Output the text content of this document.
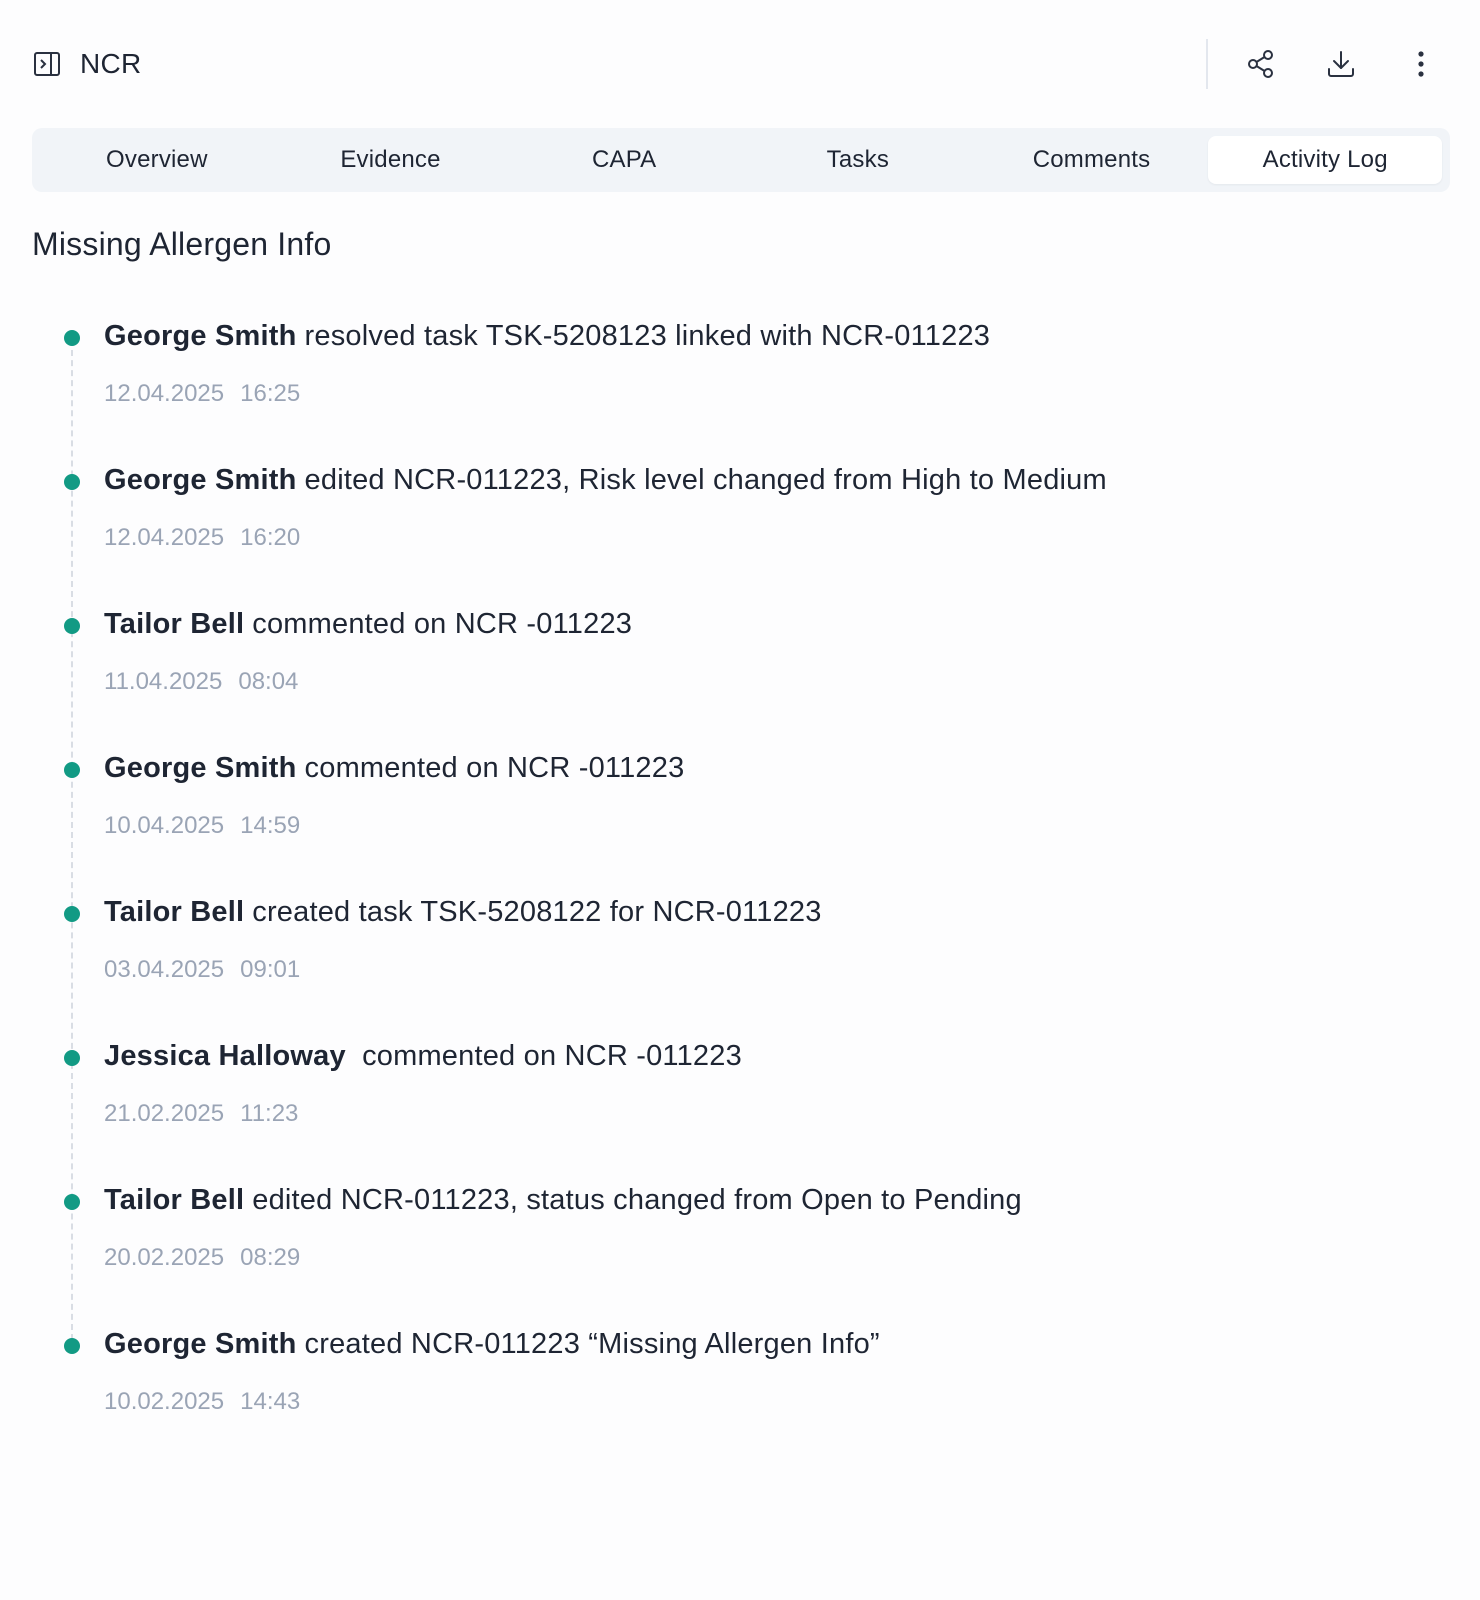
NCR
Overview	Evidence	CAPA	Tasks	Comments	Activity Log
Missing Allergen Info
George Smith resolved task TSK-5208123 linked with NCR-011223
12.04.2025 16:25
George Smith edited NCR-011223, Risk level changed from High to Medium
12.04.2025 16:20
Tailor Bell commented on NCR -011223
11.04.2025 08:04
George Smith commented on NCR -011223
10.04.2025 14:59
Tailor Bell created task TSK-5208122 for NCR-011223
03.04.2025 09:01
Jessica Halloway commented on NCR -011223
21.02.2025 11:23
Tailor Bell edited NCR-011223, status changed from Open to Pending
20.02.2025 08:29
George Smith created NCR-011223 “Missing Allergen Info”
10.02.2025 14:43
